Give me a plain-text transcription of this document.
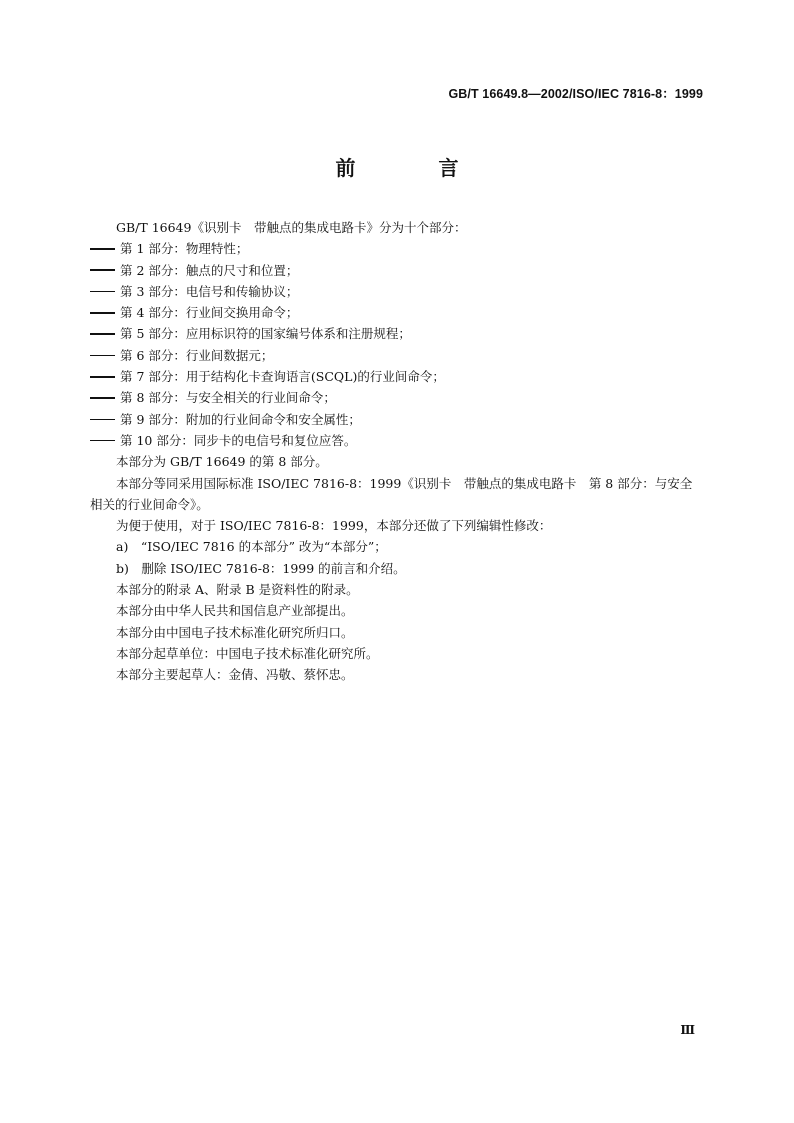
GB/T 16649.8—2002/ISO/IEC 7816-8：1999
前 言

GB/T 16649《识别卡　带触点的集成电路卡》分为十个部分：

第 1 部分：物理特性；
第 2 部分：触点的尺寸和位置；
第 3 部分：电信号和传输协议；
第 4 部分：行业间交换用命令；
第 5 部分：应用标识符的国家编号体系和注册规程；
第 6 部分：行业间数据元；
第 7 部分：用于结构化卡查询语言(SCQL)的行业间命令；
第 8 部分：与安全相关的行业间命令；
第 9 部分：附加的行业间命令和安全属性；
第 10 部分：同步卡的电信号和复位应答。

本部分为 GB/T 16649 的第 8 部分。

本部分等同采用国际标准 ISO/IEC 7816-8：1999《识别卡　带触点的集成电路卡　第 8 部分：与安全相关的行业间命令》。

为便于使用，对于 ISO/IEC 7816-8：1999，本部分还做了下列编辑性修改：

a)　“ISO/IEC 7816 的本部分” 改为“本部分”；

b)　删除 ISO/IEC 7816-8：1999 的前言和介绍。

本部分的附录 A、附录 B 是资料性的附录。

本部分由中华人民共和国信息产业部提出。

本部分由中国电子技术标准化研究所归口。

本部分起草单位：中国电子技术标准化研究所。

本部分主要起草人：金倩、冯敬、蔡怀忠。

Ⅲ
